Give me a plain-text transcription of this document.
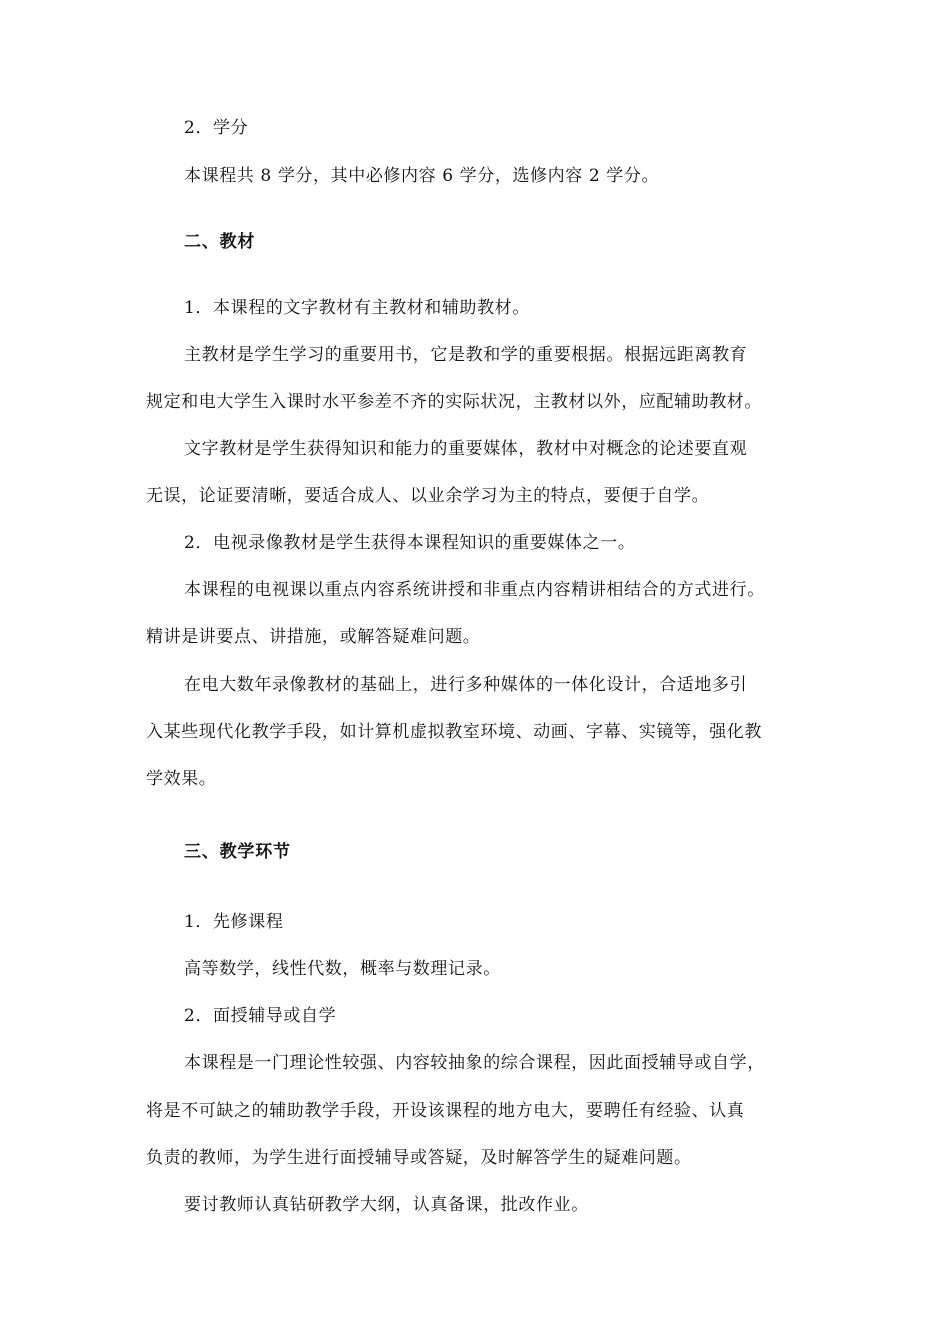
2．学分
本课程共 8 学分，其中必修内容 6 学分，选修内容 2 学分。
二、教材
1．本课程的文字教材有主教材和辅助教材。
主教材是学生学习的重要用书，它是教和学的重要根据。根据远距离教育
规定和电大学生入课时水平参差不齐的实际状况，主教材以外，应配辅助教材。
文字教材是学生获得知识和能力的重要媒体，教材中对概念的论述要直观
无误，论证要清晰，要适合成人、以业余学习为主的特点，要便于自学。
2．电视录像教材是学生获得本课程知识的重要媒体之一。
本课程的电视课以重点内容系统讲授和非重点内容精讲相结合的方式进行。
精讲是讲要点、讲措施，或解答疑难问题。
在电大数年录像教材的基础上，进行多种媒体的一体化设计，合适地多引
入某些现代化教学手段，如计算机虚拟教室环境、动画、字幕、实镜等，强化教
学效果。
三、教学环节
1．先修课程
高等数学，线性代数，概率与数理记录。
2．面授辅导或自学
本课程是一门理论性较强、内容较抽象的综合课程，因此面授辅导或自学，
将是不可缺之的辅助教学手段，开设该课程的地方电大，要聘任有经验、认真
负责的教师，为学生进行面授辅导或答疑，及时解答学生的疑难问题。
要讨教师认真钻研教学大纲，认真备课，批改作业。
